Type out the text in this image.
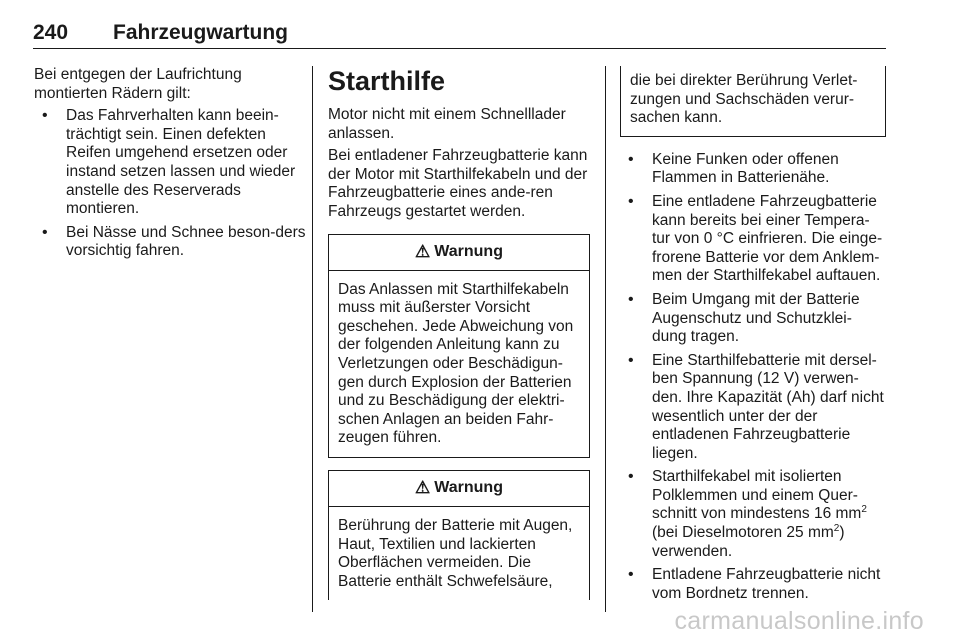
240 Fahrzeugwartung

Bei entgegen der Laufrichtung montierten Rädern gilt:

• Das Fahrverhalten kann beein-trächtigt sein. Einen defekten Reifen umgehend ersetzen oder instand setzen lassen und wieder anstelle des Reserverads montieren.
• Bei Nässe und Schnee beson-ders vorsichtig fahren.
Starthilfe

Motor nicht mit einem Schnelllader anlassen.

Bei entladener Fahrzeugbatterie kann der Motor mit Starthilfekabeln und der Fahrzeugbatterie eines ande-ren Fahrzeugs gestartet werden.

⚠ Warnung
Das Anlassen mit Starthilfekabeln muss mit äußerster Vorsicht geschehen. Jede Abweichung von der folgenden Anleitung kann zu Verletzungen oder Beschädigun-gen durch Explosion der Batterien und zu Beschädigung der elektri-schen Anlagen an beiden Fahr-zeugen führen.
⚠ Warnung
Berührung der Batterie mit Augen, Haut, Textilien und lackierten Oberflächen vermeiden. Die Batterie enthält Schwefelsäure,
die bei direkter Berührung Verlet-zungen und Sachschäden verur-sachen kann.
• Keine Funken oder offenen Flammen in Batterienähe.
• Eine entladene Fahrzeugbatterie kann bereits bei einer Tempera-tur von 0 °C einfrieren. Die einge-frorene Batterie vor dem Anklem-men der Starthilfekabel auftauen.
• Beim Umgang mit der Batterie Augenschutz und Schutzklei-dung tragen.
• Eine Starthilfebatterie mit dersel-ben Spannung (12 V) verwen-den. Ihre Kapazität (Ah) darf nicht wesentlich unter der der entladenen Fahrzeugbatterie liegen.
• Starthilfekabel mit isolierten Polklemmen und einem Quer-schnitt von mindestens 16 $mm^2$ (bei Dieselmotoren 25 $mm^2$) verwenden.
• Entladene Fahrzeugbatterie nicht vom Bordnetz trennen.
carmanualsonline.info
